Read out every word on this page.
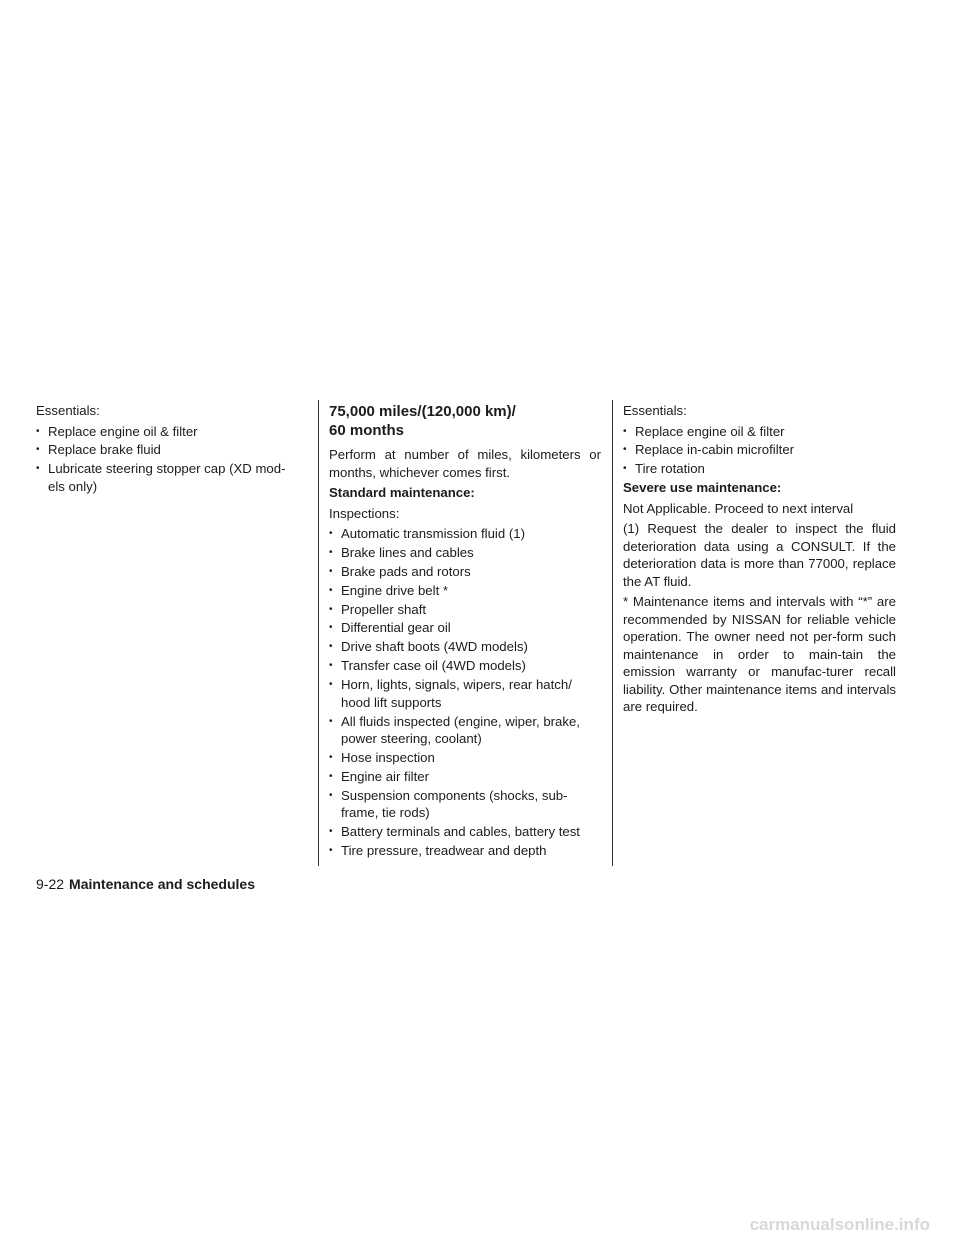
Essentials:

• Replace engine oil & filter
• Replace brake fluid
• Lubricate steering stopper cap (XD mod-els only)
75,000 miles/(120,000 km)/
60 months

Perform at number of miles, kilometers or months, whichever comes first.

Standard maintenance:

Inspections:

• Automatic transmission fluid (1)
• Brake lines and cables
• Brake pads and rotors
• Engine drive belt *
• Propeller shaft
• Differential gear oil
• Drive shaft boots (4WD models)
• Transfer case oil (4WD models)
• Horn, lights, signals, wipers, rear hatch/ hood lift supports
• All fluids inspected (engine, wiper, brake, power steering, coolant)
• Hose inspection
• Engine air filter
• Suspension components (shocks, sub-frame, tie rods)
• Battery terminals and cables, battery test
• Tire pressure, treadwear and depth

Essentials:

• Replace engine oil & filter
• Replace in-cabin microfilter
• Tire rotation

Severe use maintenance:

Not Applicable. Proceed to next interval

(1) Request the dealer to inspect the fluid deterioration data using a CONSULT. If the deterioration data is more than 77000, replace the AT fluid.

* Maintenance items and intervals with “*” are recommended by NISSAN for reliable vehicle operation. The owner need not per-form such maintenance in order to main-tain the emission warranty or manufac-turer recall liability. Other maintenance items and intervals are required.

9-22 Maintenance and schedules
carmanualsonline.info
